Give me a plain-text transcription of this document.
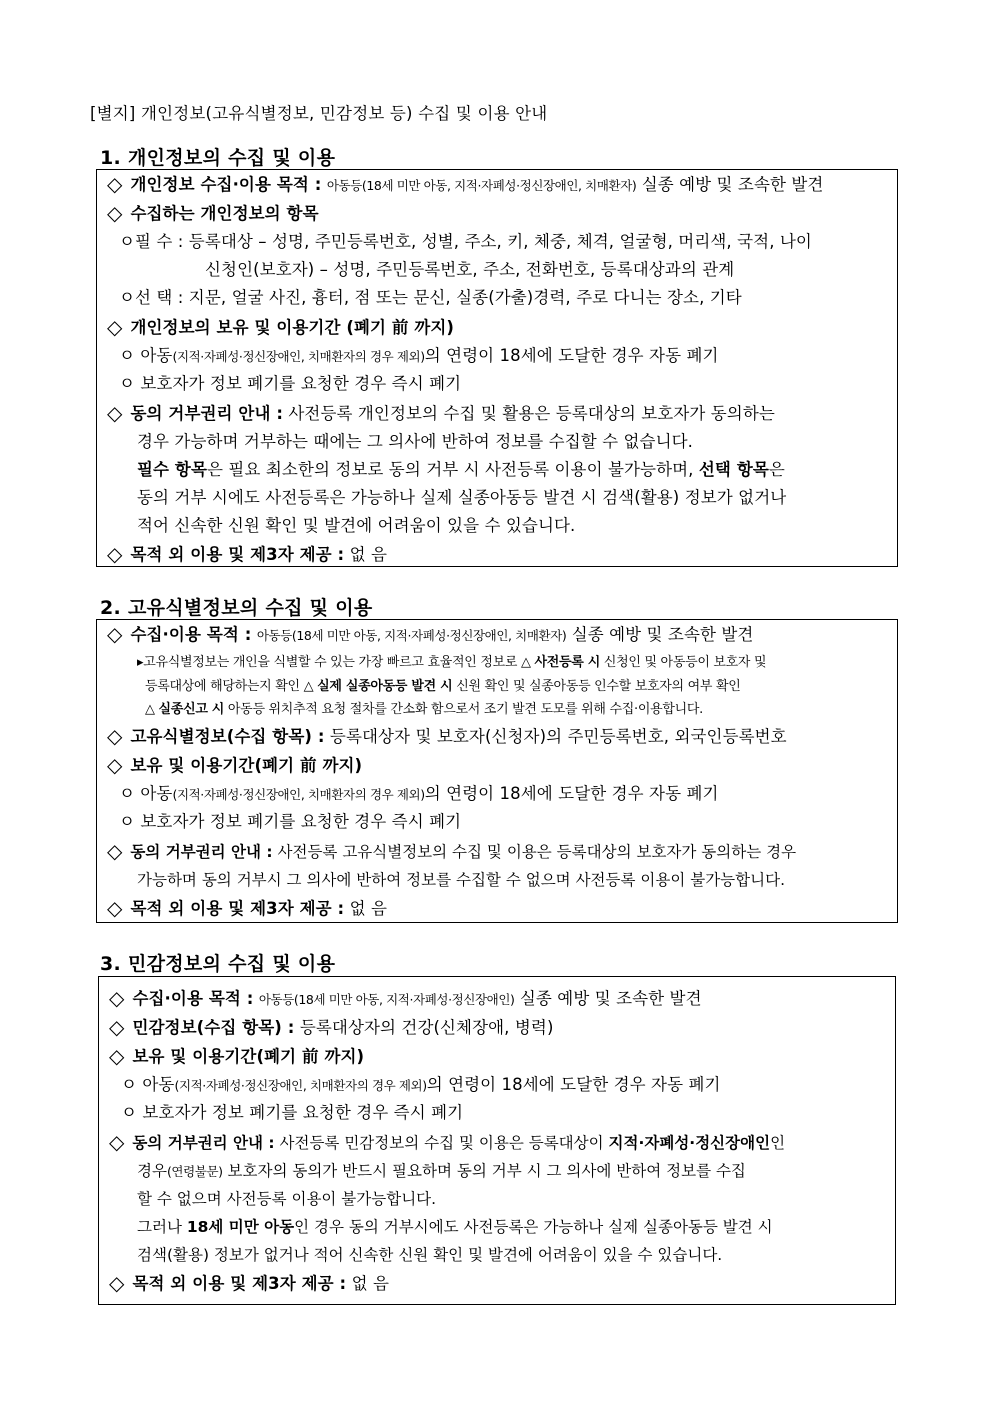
[별지] 개인정보(고유식별정보, 민감정보 등) 수집 및 이용 안내
1. 개인정보의 수집 및 이용
◇ 개인정보 수집·이용 목적 : 아동등(18세 미만 아동, 지적·자폐성·정신장애인, 치매환자) 실종 예방 및 조속한 발견
◇ 수집하는 개인정보의 항목
ㅇ필 수 : 등록대상 – 성명, 주민등록번호, 성별, 주소, 키, 체중, 체격, 얼굴형, 머리색, 국적, 나이
신청인(보호자) – 성명, 주민등록번호, 주소, 전화번호, 등록대상과의 관계
ㅇ선 택 : 지문, 얼굴 사진, 흉터, 점 또는 문신, 실종(가출)경력, 주로 다니는 장소, 기타
◇ 개인정보의 보유 및 이용기간 (폐기 前 까지)
ㅇ 아동(지적·자폐성·정신장애인, 치매환자의 경우 제외)의 연령이 18세에 도달한 경우 자동 폐기
ㅇ 보호자가 정보 폐기를 요청한 경우 즉시 폐기
◇ 동의 거부권리 안내 : 사전등록 개인정보의 수집 및 활용은 등록대상의 보호자가 동의하는
경우 가능하며 거부하는 때에는 그 의사에 반하여 정보를 수집할 수 없습니다.
필수 항목은 필요 최소한의 정보로 동의 거부 시 사전등록 이용이 불가능하며, 선택 항목은
동의 거부 시에도 사전등록은 가능하나 실제 실종아동등 발견 시 검색(활용) 정보가 없거나
적어 신속한 신원 확인 및 발견에 어려움이 있을 수 있습니다.
◇ 목적 외 이용 및 제3자 제공 : 없 음
2. 고유식별정보의 수집 및 이용
◇ 수집·이용 목적 : 아동등(18세 미만 아동, 지적·자폐성·정신장애인, 치매환자) 실종 예방 및 조속한 발견
▸고유식별정보는 개인을 식별할 수 있는 가장 빠르고 효율적인 정보로 △ 사전등록 시 신청인 및 아동등이 보호자 및
등록대상에 해당하는지 확인 △ 실제 실종아동등 발견 시 신원 확인 및 실종아동등 인수할 보호자의 여부 확인
△ 실종신고 시 아동등 위치추적 요청 절차를 간소화 함으로서 조기 발견 도모를 위해 수집·이용합니다.
◇ 고유식별정보(수집 항목) : 등록대상자 및 보호자(신청자)의 주민등록번호, 외국인등록번호
◇ 보유 및 이용기간(폐기 前 까지)
ㅇ 아동(지적·자폐성·정신장애인, 치매환자의 경우 제외)의 연령이 18세에 도달한 경우 자동 폐기
ㅇ 보호자가 정보 폐기를 요청한 경우 즉시 폐기
◇ 동의 거부권리 안내 : 사전등록 고유식별정보의 수집 및 이용은 등록대상의 보호자가 동의하는 경우
가능하며 동의 거부시 그 의사에 반하여 정보를 수집할 수 없으며 사전등록 이용이 불가능합니다.
◇ 목적 외 이용 및 제3자 제공 : 없 음
3. 민감정보의 수집 및 이용
◇ 수집·이용 목적 : 아동등(18세 미만 아동, 지적·자폐성·정신장애인) 실종 예방 및 조속한 발견
◇ 민감정보(수집 항목) : 등록대상자의 건강(신체장애, 병력)
◇ 보유 및 이용기간(폐기 前 까지)
ㅇ 아동(지적·자폐성·정신장애인, 치매환자의 경우 제외)의 연령이 18세에 도달한 경우 자동 폐기
ㅇ 보호자가 정보 폐기를 요청한 경우 즉시 폐기
◇ 동의 거부권리 안내 : 사전등록 민감정보의 수집 및 이용은 등록대상이 지적·자폐성·정신장애인인
경우(연령불문) 보호자의 동의가 반드시 필요하며 동의 거부 시 그 의사에 반하여 정보를 수집
할 수 없으며 사전등록 이용이 불가능합니다.
그러나 18세 미만 아동인 경우 동의 거부시에도 사전등록은 가능하나 실제 실종아동등 발견 시
검색(활용) 정보가 없거나 적어 신속한 신원 확인 및 발견에 어려움이 있을 수 있습니다.
◇ 목적 외 이용 및 제3자 제공 : 없 음
